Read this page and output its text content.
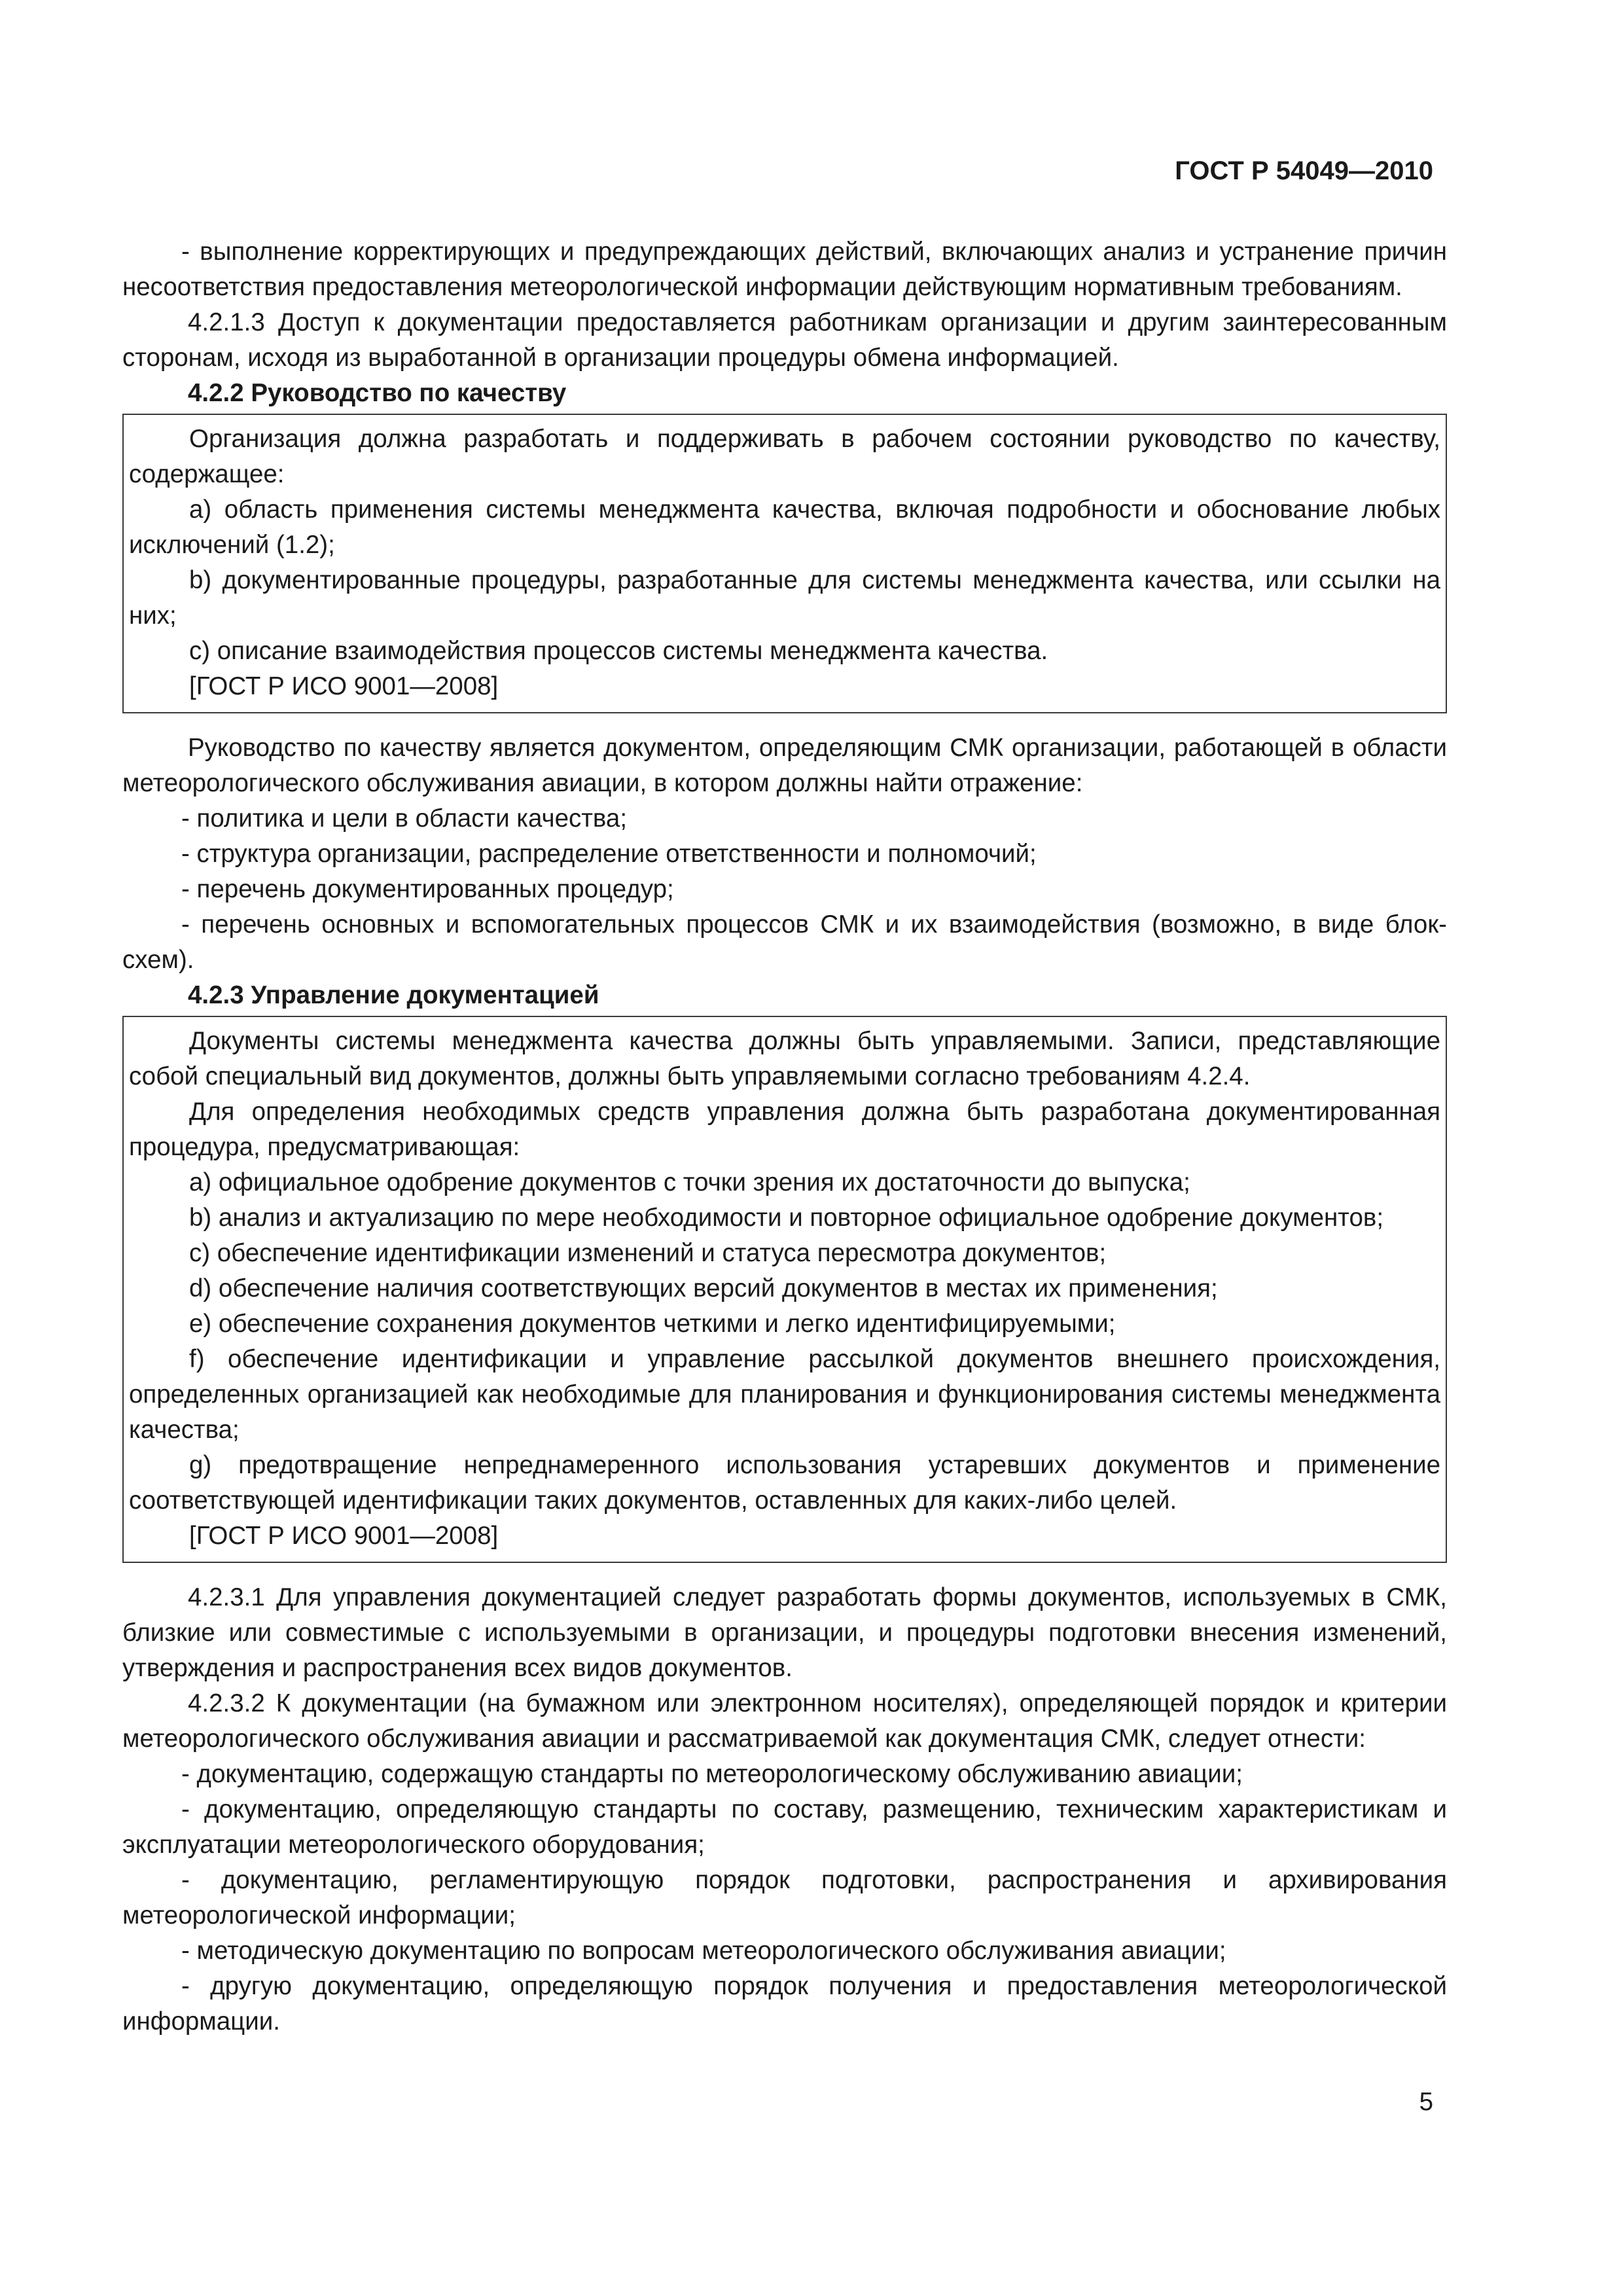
ГОСТ Р 54049—2010

- выполнение корректирующих и предупреждающих действий, включающих анализ и устранение причин несоответствия предоставления метеорологической информации действующим нормативным требованиям.

4.2.1.3 Доступ к документации предоставляется работникам организации и другим заинтересованным сторонам, исходя из выработанной в организации процедуры обмена информацией.

4.2.2 Руководство по качеству

Организация должна разработать и поддерживать в рабочем состоянии руководство по качеству, содержащее:

a) область применения системы менеджмента качества, включая подробности и обоснование любых исключений (1.2);

b) документированные процедуры, разработанные для системы менеджмента качества, или ссылки на них;

c) описание взаимодействия процессов системы менеджмента качества.

[ГОСТ Р ИСО 9001—2008]

Руководство по качеству является документом, определяющим СМК организации, работающей в области метеорологического обслуживания авиации, в котором должны найти отражение:

- политика и цели в области качества;

- структура организации, распределение ответственности и полномочий;

- перечень документированных процедур;

- перечень основных и вспомогательных процессов СМК и их взаимодействия (возможно, в виде блок-схем).

4.2.3 Управление документацией

Документы системы менеджмента качества должны быть управляемыми. Записи, представляющие собой специальный вид документов, должны быть управляемыми согласно требованиям 4.2.4.

Для определения необходимых средств управления должна быть разработана документированная процедура, предусматривающая:

a) официальное одобрение документов с точки зрения их достаточности до выпуска;

b) анализ и актуализацию по мере необходимости и повторное официальное одобрение документов;

c) обеспечение идентификации изменений и статуса пересмотра документов;

d) обеспечение наличия соответствующих версий документов в местах их применения;

e) обеспечение сохранения документов четкими и легко идентифицируемыми;

f) обеспечение идентификации и управление рассылкой документов внешнего происхождения, определенных организацией как необходимые для планирования и функционирования системы менеджмента качества;

g) предотвращение непреднамеренного использования устаревших документов и применение соответствующей идентификации таких документов, оставленных для каких-либо целей.

[ГОСТ Р ИСО 9001—2008]

4.2.3.1 Для управления документацией следует разработать формы документов, используемых в СМК, близкие или совместимые с используемыми в организации, и процедуры подготовки внесения изменений, утверждения и распространения всех видов документов.

4.2.3.2 К документации (на бумажном или электронном носителях), определяющей порядок и критерии метеорологического обслуживания авиации и рассматриваемой как документация СМК, следует отнести:

- документацию, содержащую стандарты по метеорологическому обслуживанию авиации;

- документацию, определяющую стандарты по составу, размещению, техническим характеристикам и эксплуатации метеорологического оборудования;

- документацию, регламентирующую порядок подготовки, распространения и архивирования метеорологической информации;

- методическую документацию по вопросам метеорологического обслуживания авиации;

- другую документацию, определяющую порядок получения и предоставления метеорологической информации.

5
